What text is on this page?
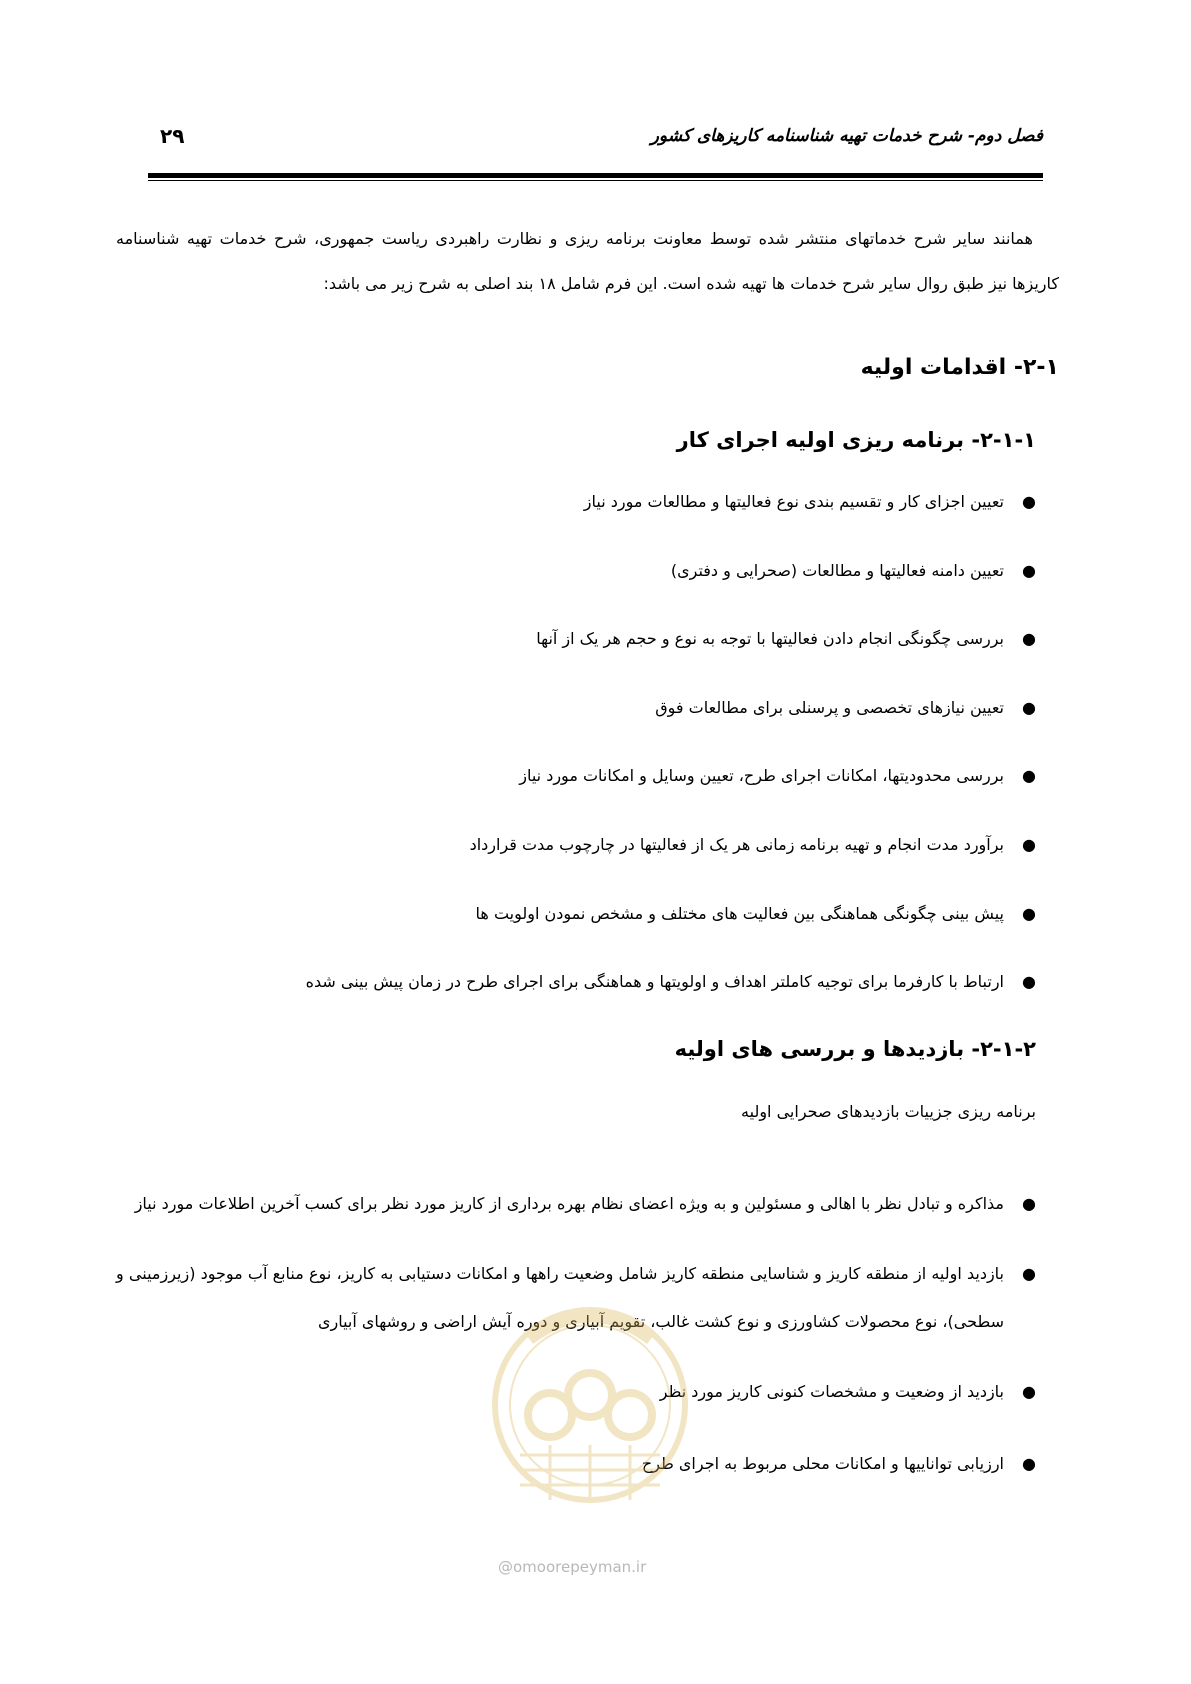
فصل دوم- شرح خدمات تهیه شناسنامه کاریزهای کشور
۲۹

همانند سایر شرح خدماتهای منتشر شده توسط معاونت برنامه ریزی و نظارت راهبردی ریاست جمهوری، شرح خدمات تهیه شناسنامه کاریزها نیز طبق روال سایر شرح خدمات ها تهیه شده است. این فرم شامل ۱۸ بند اصلی به شرح زیر می باشد:

۲-۱- اقدامات اولیه
۲-۱-۱- برنامه ریزی اولیه اجرای کار
●
تعیین اجزای کار و تقسیم بندی نوع فعالیتها و مطالعات مورد نیاز
●
تعیین دامنه فعالیتها و مطالعات (صحرایی و دفتری)
●
بررسی چگونگی انجام دادن فعالیتها با توجه به نوع و حجم هر یک از آنها
●
تعیین نیازهای تخصصی و پرسنلی برای مطالعات فوق
●
بررسی محدودیتها، امکانات اجرای طرح، تعیین وسایل و امکانات مورد نیاز
●
برآورد مدت انجام و تهیه برنامه زمانی هر یک از فعالیتها در چارچوب مدت قرارداد
●
پیش بینی چگونگی هماهنگی بین فعالیت های مختلف و مشخص نمودن اولویت ها
●
ارتباط با کارفرما برای توجیه کاملتر اهداف و اولویتها و هماهنگی برای اجرای طرح در زمان پیش بینی شده
۲-۱-۲- بازدیدها و بررسی های اولیه

برنامه ریزی جزییات بازدیدهای صحرایی اولیه

●
مذاکره و تبادل نظر با اهالی و مسئولین و به ویژه اعضای نظام بهره برداری از کاریز مورد نظر برای کسب آخرین اطلاعات مورد نیاز
●
بازدید اولیه از منطقه کاریز و شناسایی منطقه کاریز شامل وضعیت راهها و امکانات دستیابی به کاریز، نوع منابع آب موجود (زیرزمینی و سطحی)، نوع محصولات کشاورزی و نوع کشت غالب، تقویم آبیاری و دوره آیش اراضی و روشهای آبیاری
●
بازدید از وضعیت و مشخصات کنونی کاریز مورد نظر
●
ارزیابی تواناییها و امکانات محلی مربوط به اجرای طرح
@omoorepeyman.ir
